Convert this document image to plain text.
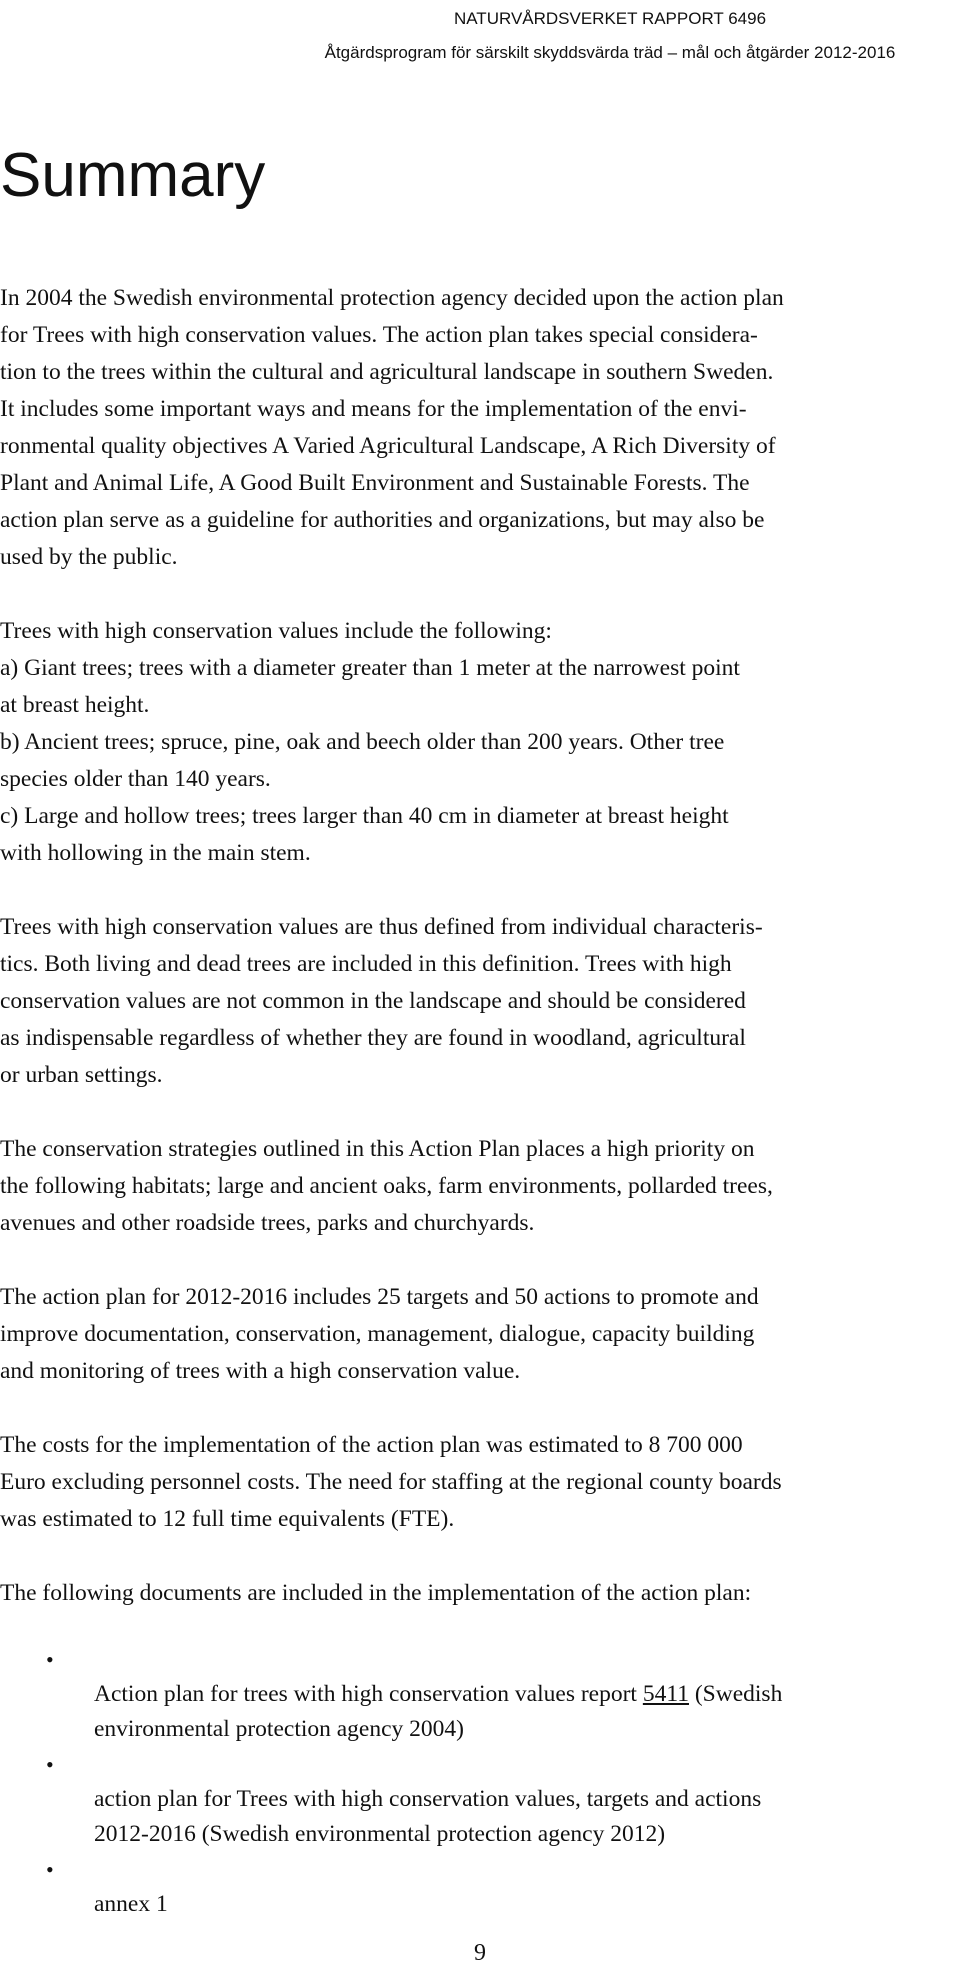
NATURVÅRDSVERKET RAPPORT 6496
Åtgärdsprogram för särskilt skyddsvärda träd – mål och åtgärder 2012-2016
Summary

In 2004 the Swedish environmental protection agency decided upon the action plan
for Trees with high conservation values. The action plan takes special considera-
tion to the trees within the cultural and agricultural landscape in southern Sweden.
It includes some important ways and means for the implementation of the envi-
ronmental quality objectives A Varied Agricultural Landscape, A Rich Diversity of
Plant and Animal Life, A Good Built Environment and Sustainable Forests. The
action plan serve as a guideline for authorities and organizations, but may also be
used by the public.

Trees with high conservation values include the following:
a) Giant trees; trees with a diameter greater than 1 meter at the narrowest point
at breast height.
b) Ancient trees; spruce, pine, oak and beech older than 200 years. Other tree
species older than 140 years.
c) Large and hollow trees; trees larger than 40 cm in diameter at breast height
with hollowing in the main stem.

Trees with high conservation values are thus defined from individual characteris-
tics. Both living and dead trees are included in this definition. Trees with high
conservation values are not common in the landscape and should be considered
as indispensable regardless of whether they are found in woodland, agricultural
or urban settings.

The conservation strategies outlined in this Action Plan places a high priority on
the following habitats; large and ancient oaks, farm environments, pollarded trees,
avenues and other roadside trees, parks and churchyards.

The action plan for 2012-2016 includes 25 targets and 50 actions to promote and
improve documentation, conservation, management, dialogue, capacity building
and monitoring of trees with a high conservation value.

The costs for the implementation of the action plan was estimated to 8 700 000
Euro excluding personnel costs. The need for staffing at the regional county boards
was estimated to 12 full time equivalents (FTE).

The following documents are included in the implementation of the action plan:

•
Action plan for trees with high conservation values report 5411 (Swedish
environmental protection agency 2004)

•
action plan for Trees with high conservation values, targets and actions
2012-2016 (Swedish environmental protection agency 2012)

•
annex 1

9
